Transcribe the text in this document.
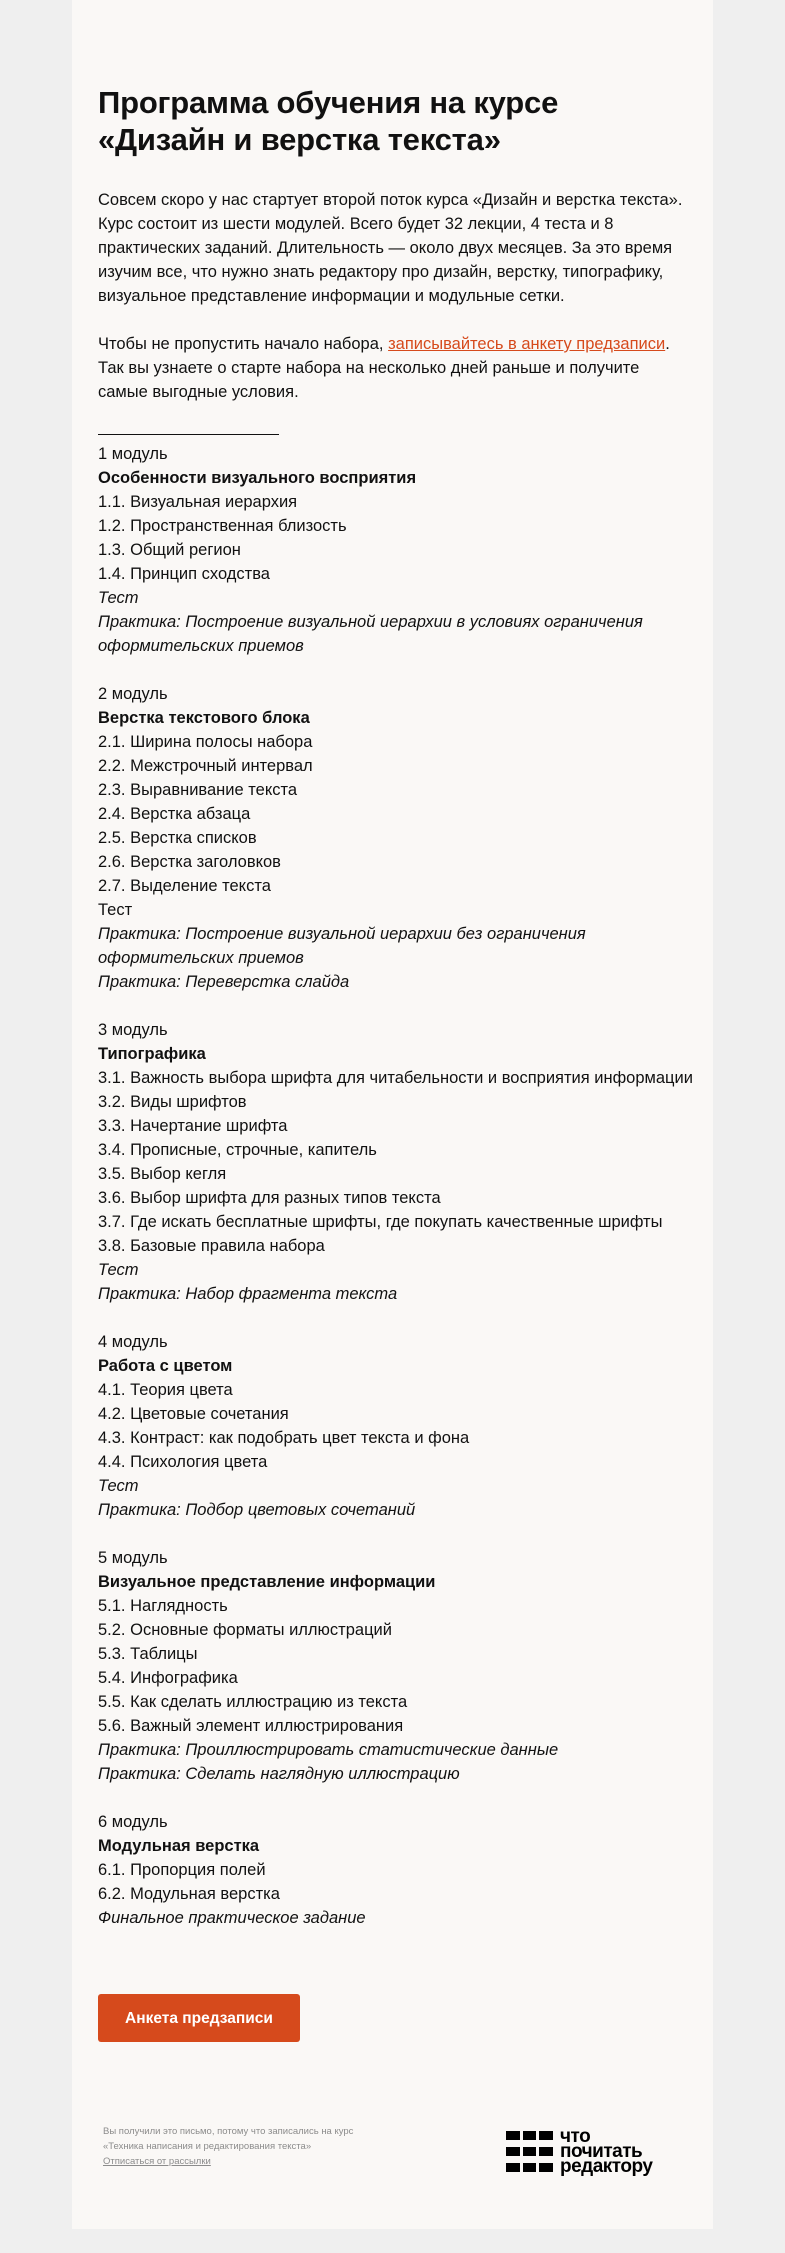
Программа обучения на курсе
«Дизайн и верстка текста»

Совсем скоро у нас стартует второй поток курса «Дизайн и верстка текста». Курс состоит из шести модулей. Всего будет 32 лекции, 4 теста и 8 практических заданий. Длительность — около двух месяцев. За это время изучим все, что нужно знать редактору про дизайн, верстку, типографику, визуальное представление информации и модульные сетки.

Чтобы не пропустить начало набора, записывайтесь в анкету предзаписи. Так вы узнаете о старте набора на несколько дней раньше и получите самые выгодные условия.

1 модуль
Особенности визуального восприятия
1.1. Визуальная иерархия
1.2. Пространственная близость
1.3. Общий регион
1.4. Принцип сходства
Тест
Практика: Построение визуальной иерархии в условиях ограничения оформительских приемов
2 модуль
Верстка текстового блока
2.1. Ширина полосы набора
2.2. Межстрочный интервал
2.3. Выравнивание текста
2.4. Верстка абзаца
2.5. Верстка списков
2.6. Верстка заголовков
2.7. Выделение текста
Тест
Практика: Построение визуальной иерархии без ограничения оформительских приемов
Практика: Переверстка слайда
3 модуль
Типографика
3.1. Важность выбора шрифта для читабельности и восприятия информации
3.2. Виды шрифтов
3.3. Начертание шрифта
3.4. Прописные, строчные, капитель
3.5. Выбор кегля
3.6. Выбор шрифта для разных типов текста
3.7. Где искать бесплатные шрифты, где покупать качественные шрифты
3.8. Базовые правила набора
Тест
Практика: Набор фрагмента текста
4 модуль
Работа с цветом
4.1. Теория цвета
4.2. Цветовые сочетания
4.3. Контраст: как подобрать цвет текста и фона
4.4. Психология цвета
Тест
Практика: Подбор цветовых сочетаний
5 модуль
Визуальное представление информации
5.1. Наглядность
5.2. Основные форматы иллюстраций
5.3. Таблицы
5.4. Инфографика
5.5. Как сделать иллюстрацию из текста
5.6. Важный элемент иллюстрирования
Практика: Проиллюстрировать статистические данные
Практика: Сделать наглядную иллюстрацию
6 модуль
Модульная верстка
6.1. Пропорция полей
6.2. Модульная верстка
Финальное практическое задание
Анкета предзаписи
Вы получили это письмо, потому что записались на курс
«Техника написания и редактирования текста»
Отписаться от рассылки
что
почитать
редактору
